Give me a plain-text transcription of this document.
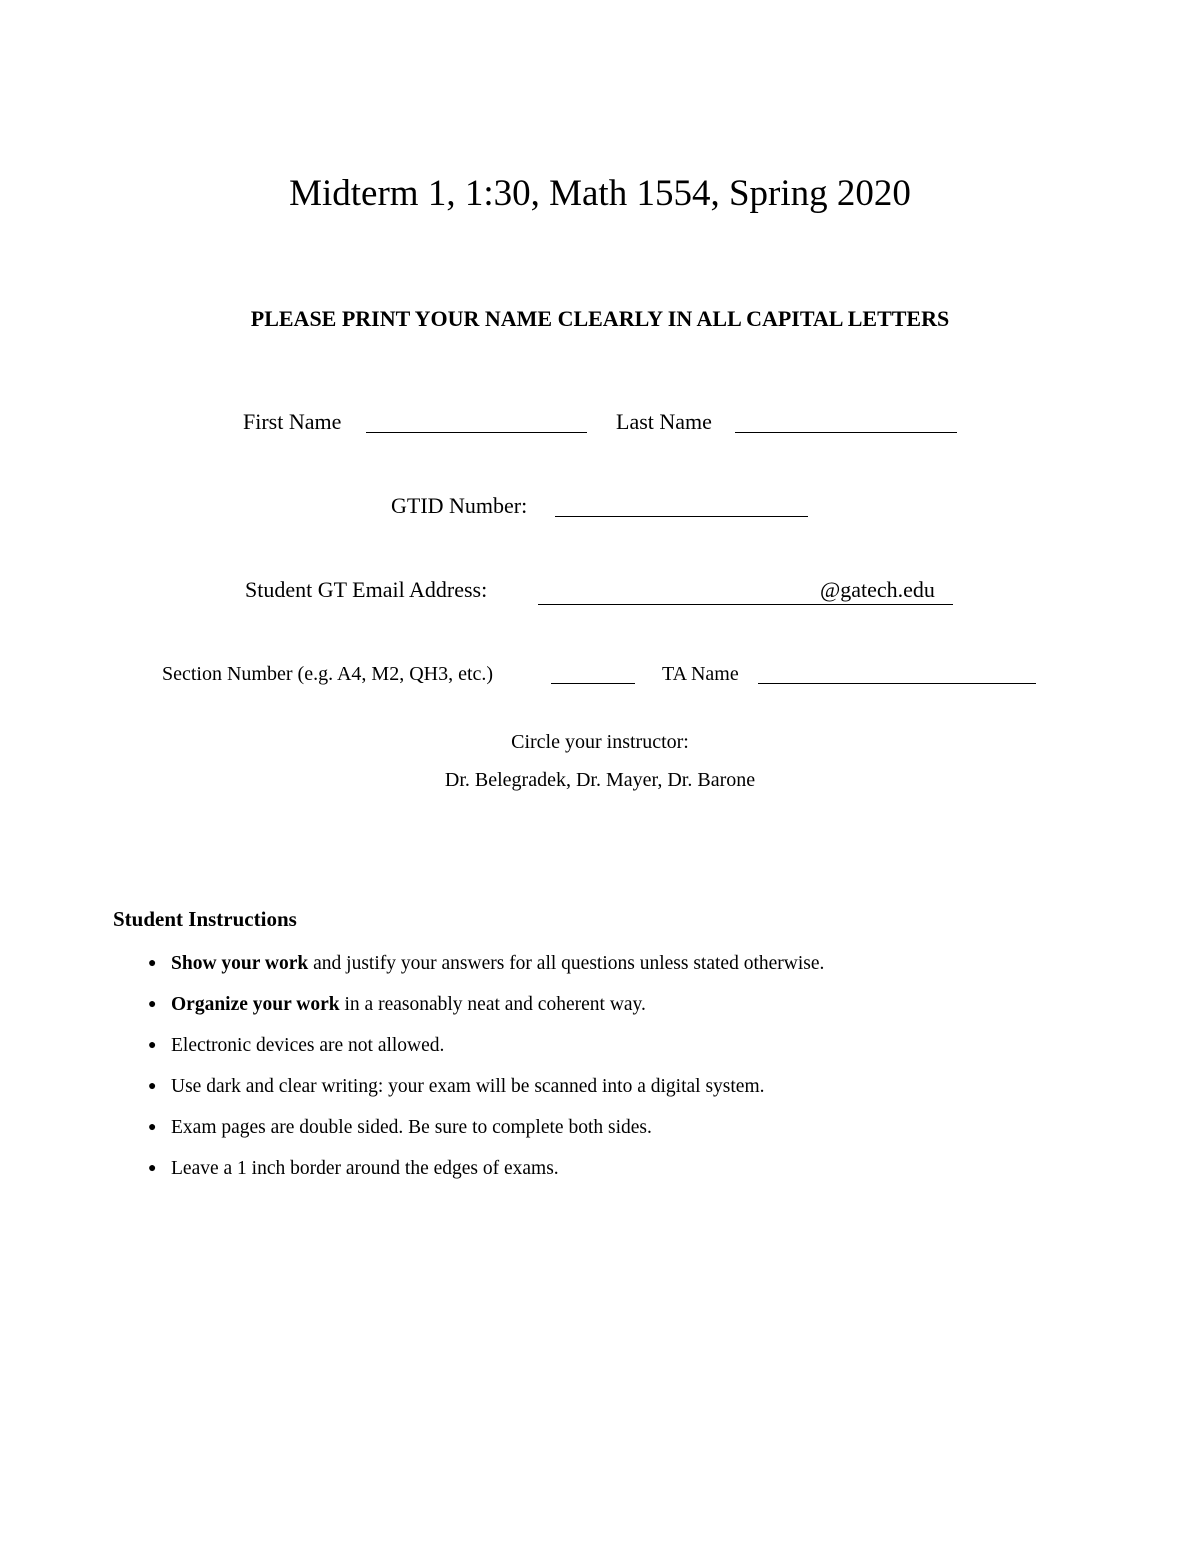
Midterm 1, 1:30, Math 1554, Spring 2020
PLEASE PRINT YOUR NAME CLEARLY IN ALL CAPITAL LETTERS
First Name	Last Name
GTID Number:
Student GT Email Address:	@gatech.edu
Section Number (e.g. A4, M2, QH3, etc.)	TA Name
Circle your instructor:
Dr. Belegradek, Dr. Mayer, Dr. Barone
Student Instructions
● Show your work and justify your answers for all questions unless stated otherwise.
● Organize your work in a reasonably neat and coherent way.
● Electronic devices are not allowed.
● Use dark and clear writing: your exam will be scanned into a digital system.
● Exam pages are double sided. Be sure to complete both sides.
● Leave a 1 inch border around the edges of exams.
